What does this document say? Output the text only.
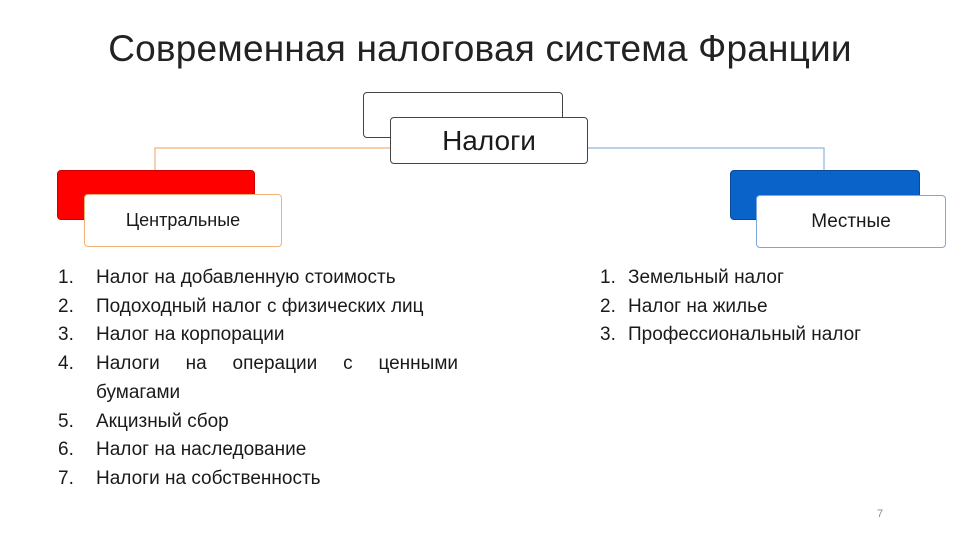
Современная налоговая система Франции
Налоги
Центральные	Местные
1. Налог на добавленную стоимость
2. Подоходный налог с физических лиц
3. Налог на корпорации
4. Налоги на операции с ценными бумагами
5. Акцизный сбор
6. Налог на наследование
7. Налоги на собственность
1. Земельный налог
2. Налог на жилье
3. Профессиональный налог
7
